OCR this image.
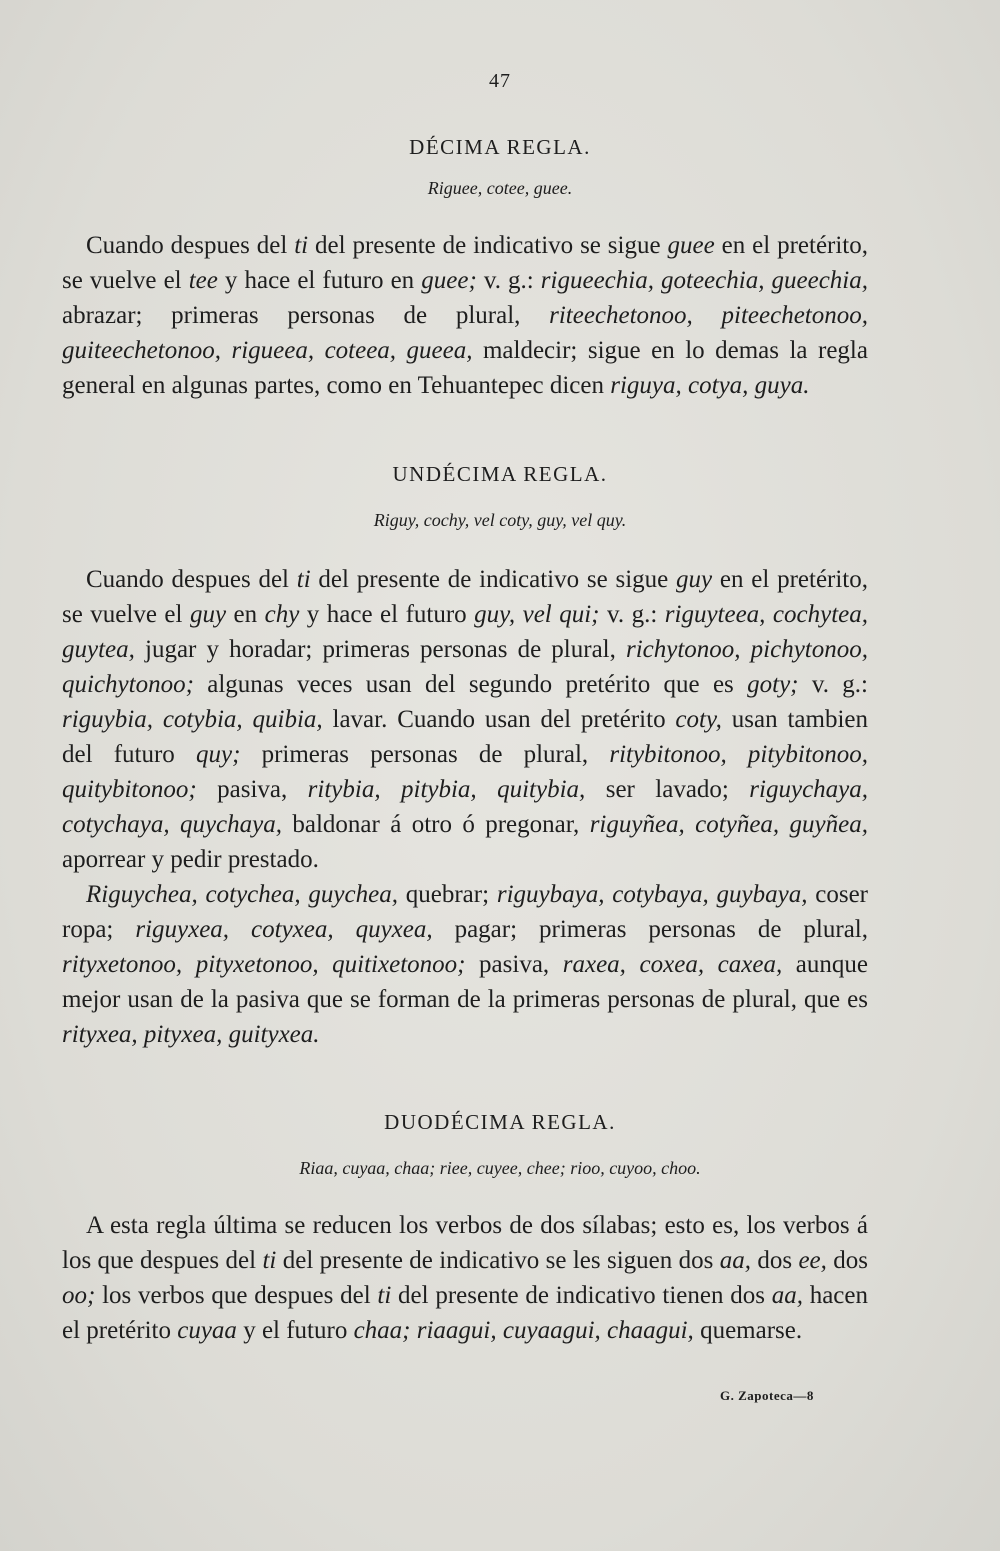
47
DÉCIMA REGLA.
Riguee, cotee, guee.

Cuando despues del ti del presente de indicativo se sigue guee en el pretérito, se vuelve el tee y hace el futuro en guee; v. g.: rigueechia, goteechia, gueechia, abrazar; primeras personas de plural, riteechetonoo, piteechetonoo, guiteechetonoo, rigueea, coteea, gueea, maldecir; sigue en lo demas la regla general en algunas partes, como en Tehuantepec dicen riguya, cotya, guya.

UNDÉCIMA REGLA.
Riguy, cochy, vel coty, guy, vel quy.

Cuando despues del ti del presente de indicativo se sigue guy en el pretérito, se vuelve el guy en chy y hace el futuro guy, vel qui; v. g.: riguyteea, cochytea, guytea, jugar y horadar; primeras personas de plural, richytonoo, pichytonoo, quichytonoo; algunas veces usan del segundo pretérito que es goty; v. g.: riguybia, cotybia, quibia, lavar. Cuando usan del pretérito coty, usan tambien del futuro quy; primeras personas de plural, ritybitonoo, pitybitonoo, quitybitonoo; pasiva, ritybia, pitybia, quitybia, ser lavado; riguychaya, cotychaya, quychaya, baldonar á otro ó pregonar, riguyñea, cotyñea, guyñea, aporrear y pedir prestado.

Riguychea, cotychea, guychea, quebrar; riguybaya, cotybaya, guybaya, coser ropa; riguyxea, cotyxea, quyxea, pagar; primeras personas de plural, rityxetonoo, pityxetonoo, quitixetonoo; pasiva, raxea, coxea, caxea, aunque mejor usan de la pasiva que se forman de la primeras personas de plural, que es rityxea, pityxea, guityxea.

DUODÉCIMA REGLA.
Riaa, cuyaa, chaa; riee, cuyee, chee; rioo, cuyoo, choo.

A esta regla última se reducen los verbos de dos sílabas; esto es, los verbos á los que despues del ti del presente de indicativo se les siguen dos aa, dos ee, dos oo; los verbos que despues del ti del presente de indicativo tienen dos aa, hacen el pretérito cuyaa y el futuro chaa; riaagui, cuyaagui, chaagui, quemarse.

G. Zapoteca—8
